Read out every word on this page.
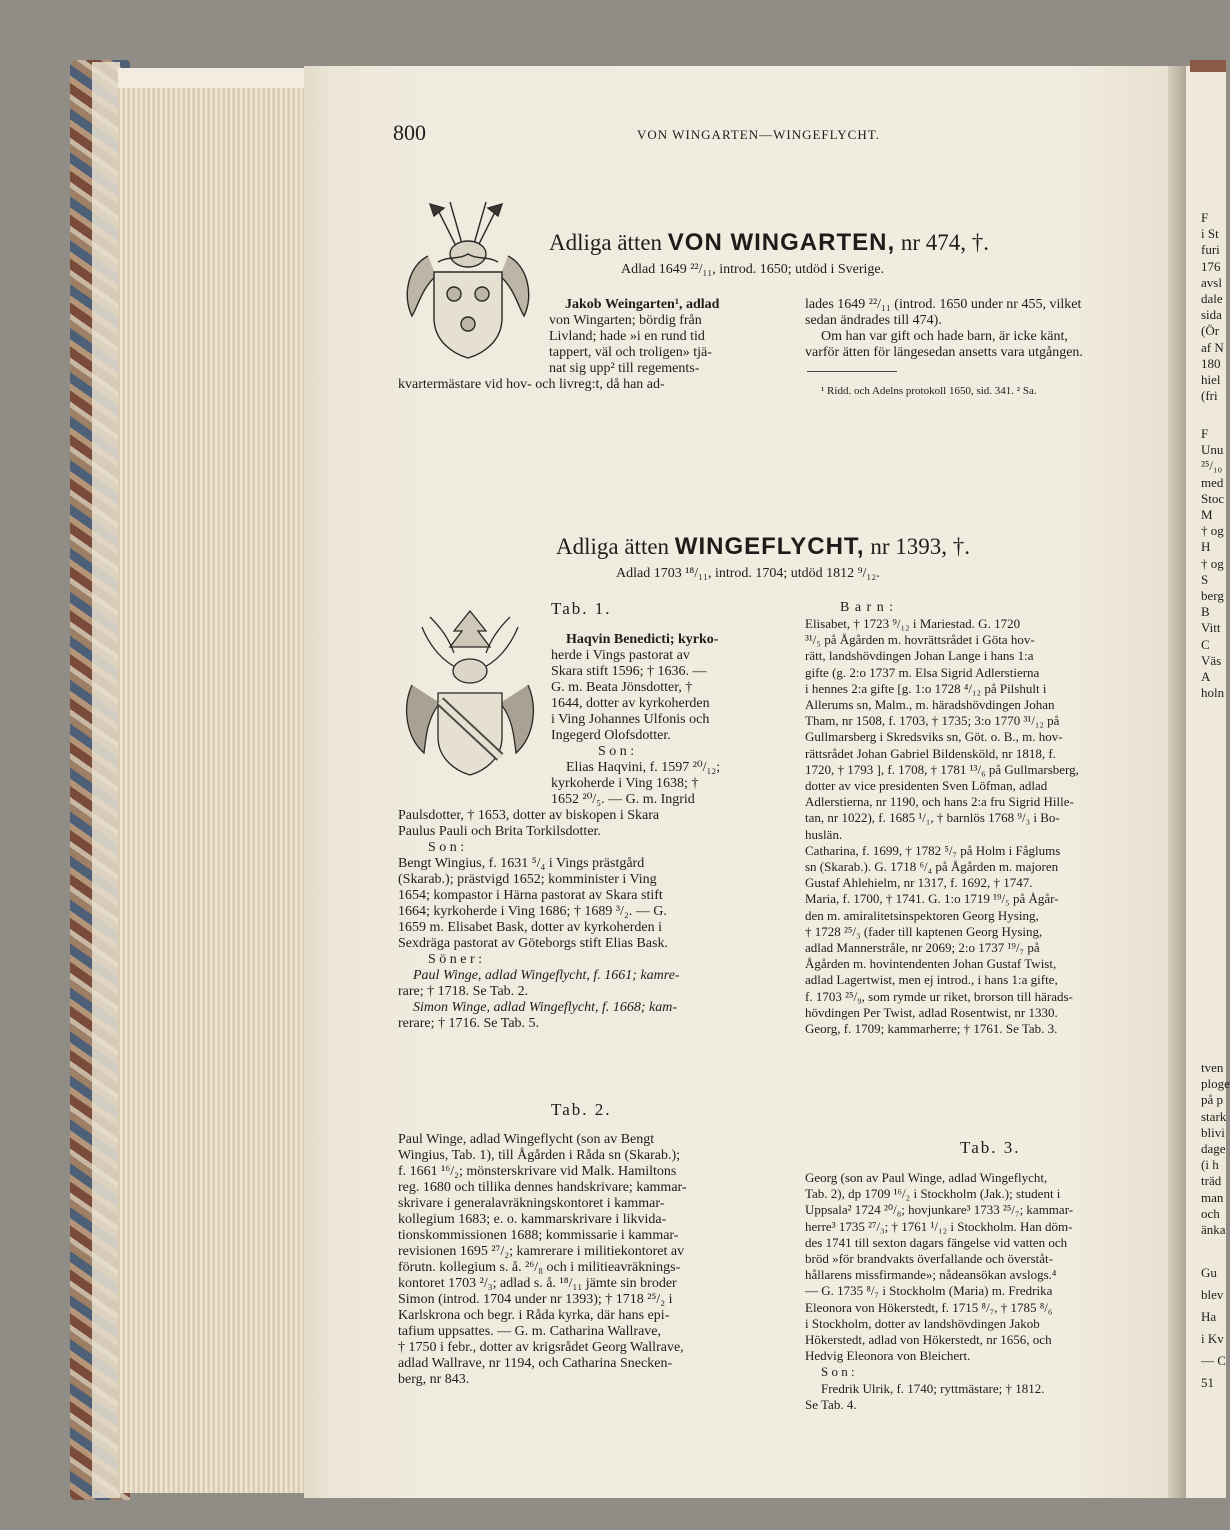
800	VON WINGARTEN—WINGEFLYCHT.
Adliga ätten VON WINGARTEN, nr 474, †.
Adlad 1649 ²²/₁₁, introd. 1650; utdöd i Sverige.
Jakob Weingarten¹, adlad
von Wingarten; bördig från
Livland; hade »i en rund tid
tappert, väl och troligen» tjä-
nat sig upp² till regements-
kvartermästare vid hov- och livreg:t, då han ad-
lades 1649 ²²/₁₁ (introd. 1650 under nr 455, vilket
sedan ändrades till 474).
Om han var gift och hade barn, är icke känt,
varför ätten för längesedan ansetts vara utgången.
¹ Ridd. och Adelns protokoll 1650, sid. 341. ² Sa.
Adliga ätten WINGEFLYCHT, nr 1393, †.
Adlad 1703 ¹⁸/₁₁, introd. 1704; utdöd 1812 ⁹/₁₂.
Tab. 1.
Haqvin Benedicti; kyrko-
herde i Vings pastorat av
Skara stift 1596; † 1636. —
G. m. Beata Jönsdotter, †
1644, dotter av kyrkoherden
i Ving Johannes Ulfonis och
Ingegerd Olofsdotter.
S o n :
Elias Haqvini, f. 1597 ²⁰/₁₂;
kyrkoherde i Ving 1638; †
1652 ²⁰/₅. — G. m. Ingrid
Paulsdotter, † 1653, dotter av biskopen i Skara
Paulus Pauli och Brita Torkilsdotter.
S o n :
Bengt Wingius, f. 1631 ⁵/₄ i Vings prästgård
(Skarab.); prästvigd 1652; komminister i Ving
1654; kompastor i Härna pastorat av Skara stift
1664; kyrkoherde i Ving 1686; † 1689 ³/₂. — G.
1659 m. Elisabet Bask, dotter av kyrkoherden i
Sexdräga pastorat av Göteborgs stift Elias Bask.
S ö n e r :
Paul Winge, adlad Wingeflycht, f. 1661; kamre-
rare; † 1718. Se Tab. 2.
Simon Winge, adlad Wingeflycht, f. 1668; kam-
rerare; † 1716. Se Tab. 5.
B a r n :
Elisabet, † 1723 ⁹/₁₂ i Mariestad. G. 1720
³¹/₅ på Ågården m. hovrättsrådet i Göta hov-
rätt, landshövdingen Johan Lange i hans 1:a
gifte (g. 2:o 1737 m. Elsa Sigrid Adlerstierna
i hennes 2:a gifte [g. 1:o 1728 ⁴/₁₂ på Pilshult i
Allerums sn, Malm., m. häradshövdingen Johan
Tham, nr 1508, f. 1703, † 1735; 3:o 1770 ³¹/₁₂ på
Gullmarsberg i Skredsviks sn, Göt. o. B., m. hov-
rättsrådet Johan Gabriel Bildensköld, nr 1818, f.
1720, † 1793 ], f. 1708, † 1781 ¹³/₆ på Gullmarsberg,
dotter av vice presidenten Sven Löfman, adlad
Adlerstierna, nr 1190, och hans 2:a fru Sigrid Hille-
tan, nr 1022), f. 1685 ¹/₁, † barnlös 1768 ⁹/₃ i Bo-
huslän.
Catharina, f. 1699, † 1782 ⁵/₇ på Holm i Fåglums
sn (Skarab.). G. 1718 ⁶/₄ på Ågården m. majoren
Gustaf Ahlehielm, nr 1317, f. 1692, † 1747.
Maria, f. 1700, † 1741. G. 1:o 1719 ¹⁹/₅ på Ågår-
den m. amiralitetsinspektoren Georg Hysing,
† 1728 ²⁵/₃ (fader till kaptenen Georg Hysing,
adlad Mannerstråle, nr 2069; 2:o 1737 ¹⁹/₇ på
Ågården m. hovintendenten Johan Gustaf Twist,
adlad Lagertwist, men ej introd., i hans 1:a gifte,
f. 1703 ²⁵/₉, som rymde ur riket, brorson till härads-
hövdingen Per Twist, adlad Rosentwist, nr 1330.
Georg, f. 1709; kammarherre; † 1761. Se Tab. 3.
Tab. 2.
Paul Winge, adlad Wingeflycht (son av Bengt
Wingius, Tab. 1), till Ågården i Råda sn (Skarab.);
f. 1661 ¹⁶/₂; mönsterskrivare vid Malk. Hamiltons
reg. 1680 och tillika dennes handskrivare; kammar-
skrivare i generalavräkningskontoret i kammar-
kollegium 1683; e. o. kammarskrivare i likvida-
tionskommissionen 1688; kommissarie i kammar-
revisionen 1695 ²⁷/₂; kamrerare i militiekontoret av
förutn. kollegium s. å. ²⁶/₈ och i militieavräknings-
kontoret 1703 ²/₃; adlad s. å. ¹⁸/₁₁ jämte sin broder
Simon (introd. 1704 under nr 1393); † 1718 ²⁵/₂ i
Karlskrona och begr. i Råda kyrka, där hans epi-
tafium uppsattes. — G. m. Catharina Wallrave,
† 1750 i febr., dotter av krigsrådet Georg Wallrave,
adlad Wallrave, nr 1194, och Catharina Snecken-
berg, nr 843.
Tab. 3.
Georg (son av Paul Winge, adlad Wingeflycht,
Tab. 2), dp 1709 ¹⁶/₂ i Stockholm (Jak.); student i
Uppsala² 1724 ²⁰/₈; hovjunkare³ 1733 ²⁵/₇; kammar-
herre³ 1735 ²⁷/₃; † 1761 ¹/₁₂ i Stockholm. Han döm-
des 1741 till sexton dagars fängelse vid vatten och
bröd »för brandvakts överfallande och överståt-
hållarens missfirmande»; nådeansökan avslogs.⁴
— G. 1735 ⁸/₇ i Stockholm (Maria) m. Fredrika
Eleonora von Hökerstedt, f. 1715 ⁸/₇, † 1785 ⁸/₆
i Stockholm, dotter av landshövdingen Jakob
Hökerstedt, adlad von Hökerstedt, nr 1656, och
Hedvig Eleonora von Bleichert.
S o n :
Fredrik Ulrik, f. 1740; ryttmästare; † 1812.
Se Tab. 4.
F
i St
furi
176
avsl
dale
sida
(Ör
af N
180
hiel
(fri
F
Unu
²⁵/₁₀
med
Stoc
M
† og
H
† og
S
berg
B
Vitt
C
Väs
A
holn
tven
ploge
på p
stark
blivi
dage
(i h
träd
man
och
änka
Gu
blev
Ha
i Kv
— C
51
